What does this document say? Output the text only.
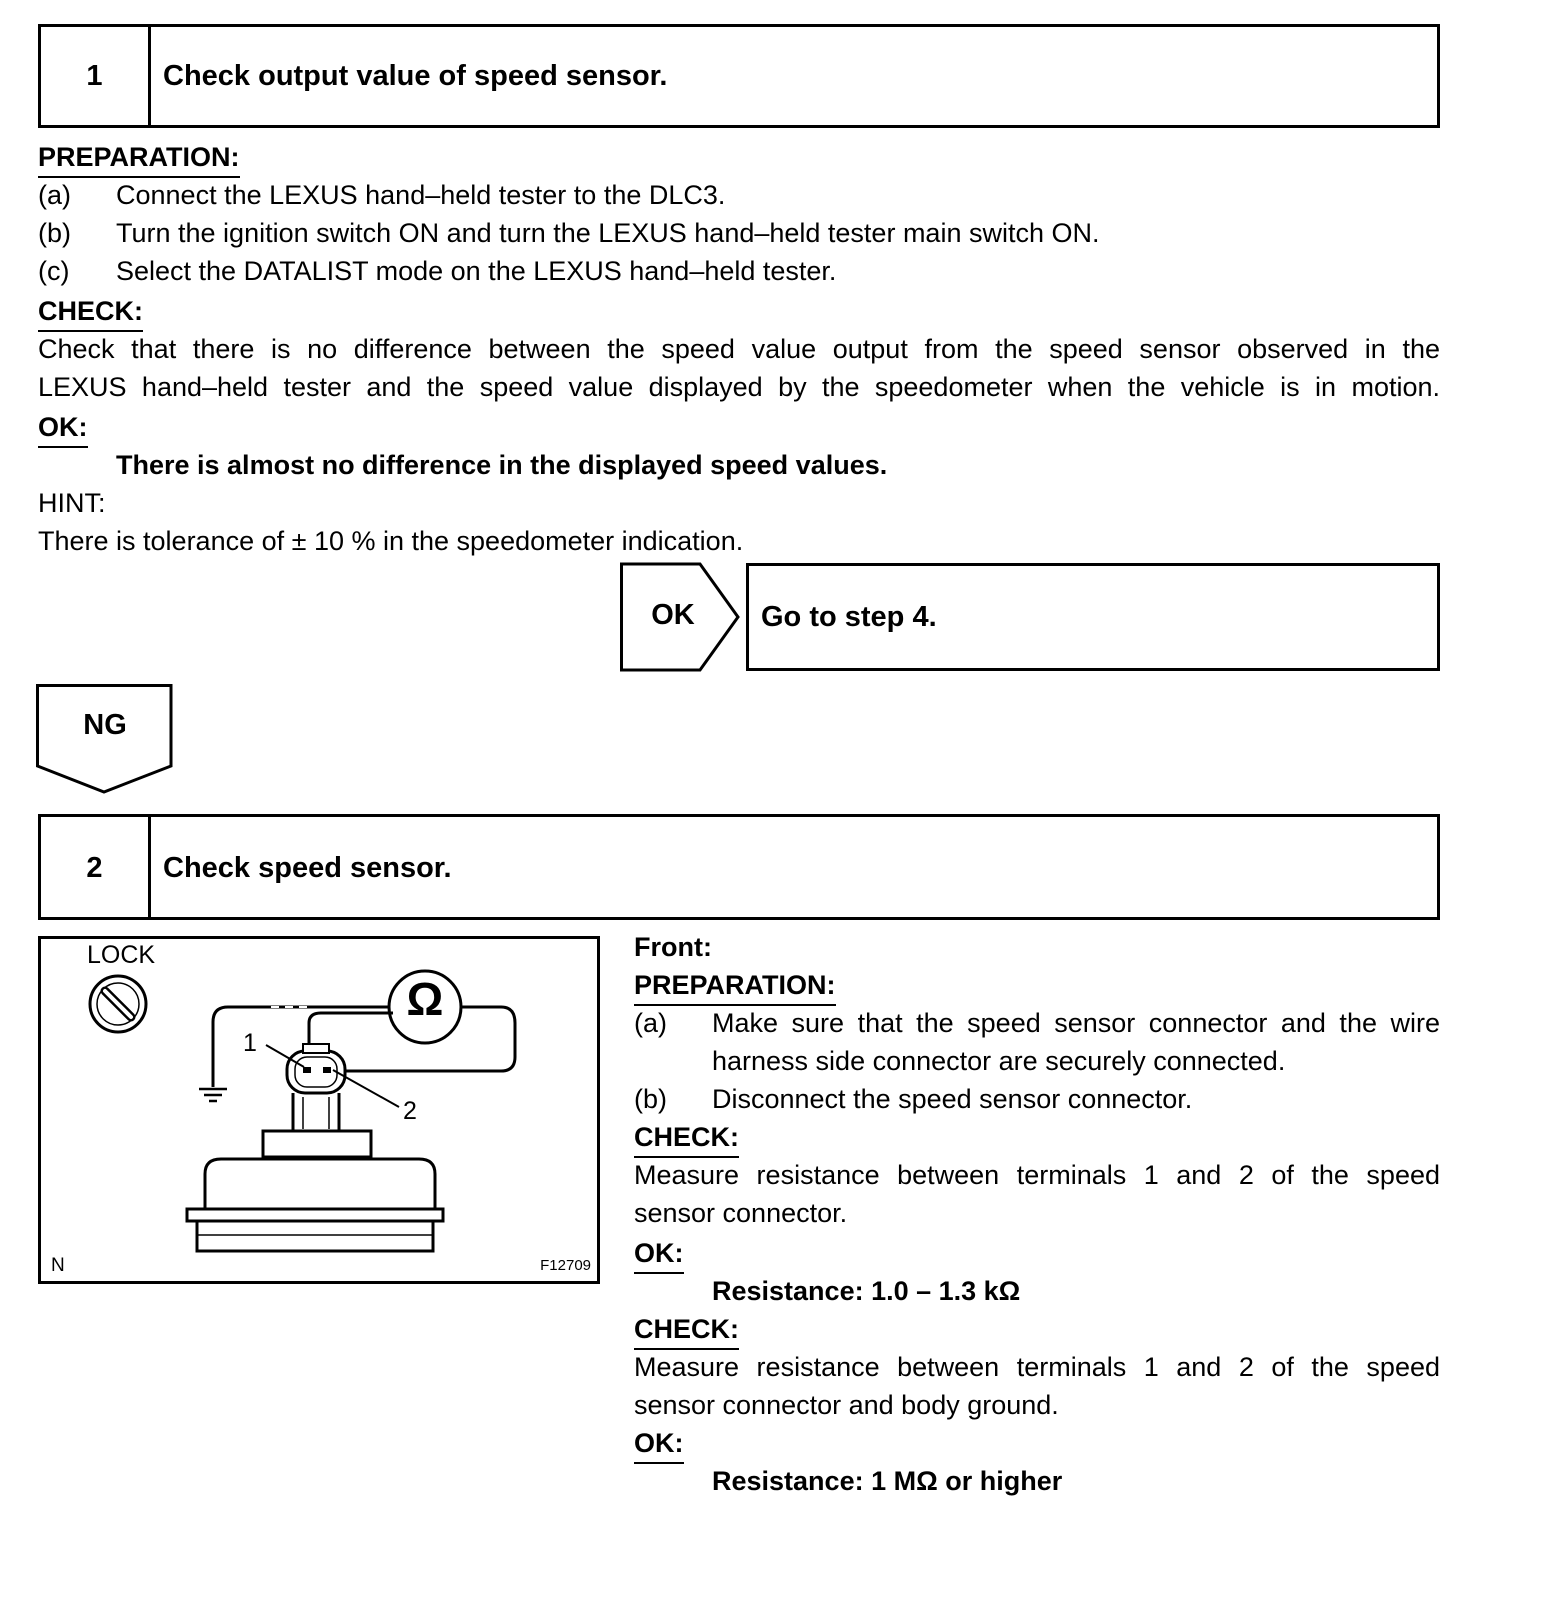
1	Check output value of speed sensor.
PREPARATION:
(a) Connect the LEXUS hand–held tester to the DLC3.
(b) Turn the ignition switch ON and turn the LEXUS hand–held tester main switch ON.
(c) Select the DATALIST mode on the LEXUS hand–held tester.
CHECK:
Check that there is no difference between the speed value output from the speed sensor observed in the
LEXUS hand–held tester and the speed value displayed by the speedometer when the vehicle is in motion.
OK:
There is almost no difference in the displayed speed values.
HINT:
There is tolerance of ± 10 % in the speedometer indication.
OK	Go to step 4.
NG
2	Check speed sensor.
LOCK
Ω
1
2
N	F12709
Front:
PREPARATION:
(a) Make sure that the speed sensor connector and the wire
harness side connector are securely connected.
(b) Disconnect the speed sensor connector.
CHECK:
Measure resistance between terminals 1 and 2 of the speed
sensor connector.
OK:
Resistance: 1.0 – 1.3 kΩ
CHECK:
Measure resistance between terminals 1 and 2 of the speed
sensor connector and body ground.
OK:
Resistance: 1 MΩ or higher
